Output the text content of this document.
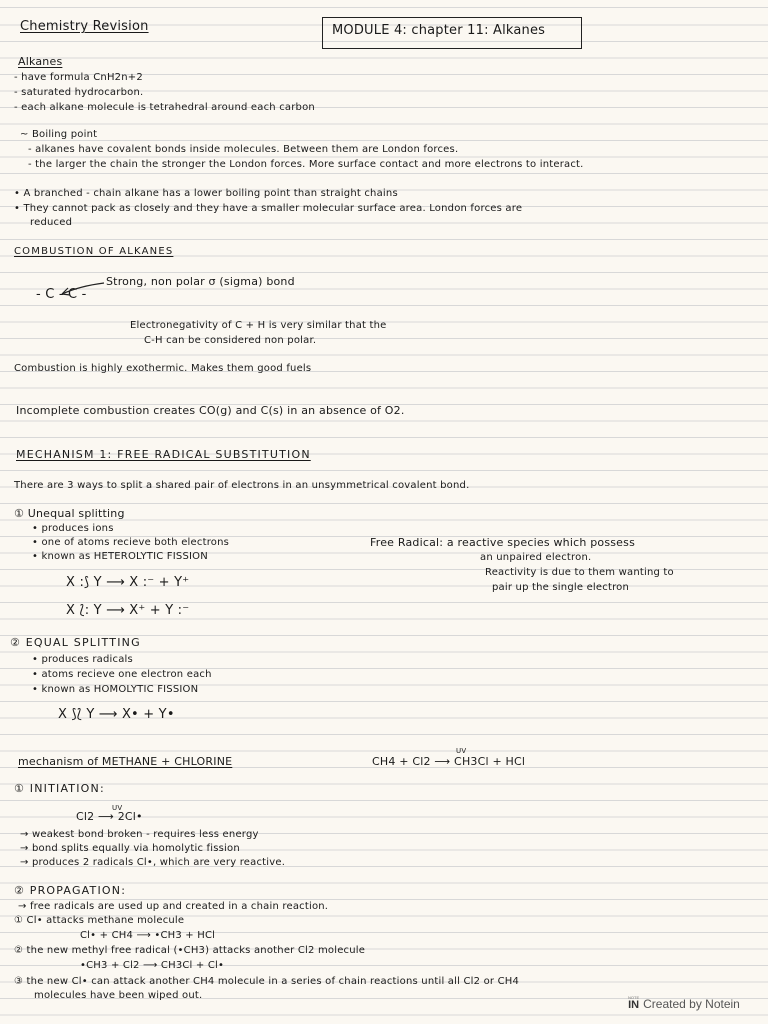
Chemistry Revision	MODULE 4: chapter 11: Alkanes
Alkanes
- have formula CnH2n+2
- saturated hydrocarbon.
- each alkane molecule is tetrahedral around each carbon
~ Boiling point
- alkanes have covalent bonds inside molecules. Between them are London forces.
- the larger the chain the stronger the London forces. More surface contact and more electrons to interact.
• A branched - chain alkane has a lower boiling point than straight chains
• They cannot pack as closely and they have a smaller molecular surface area. London forces are
reduced
COMBUSTION OF ALKANES
Strong, non polar σ (sigma) bond
- C - C -
Electronegativity of C + H is very similar that the
C-H can be considered non polar.
Combustion is highly exothermic. Makes them good fuels
Incomplete combustion creates CO(g) and C(s) in an absence of O2.
MECHANISM 1: FREE RADICAL SUBSTITUTION
There are 3 ways to split a shared pair of electrons in an unsymmetrical covalent bond.
① Unequal splitting
• produces ions
• one of atoms recieve both electrons
• known as HETEROLYTIC FISSION
X :⟆ Y ⟶ X :⁻ + Y⁺
X ⟅: Y ⟶ X⁺ + Y :⁻
Free Radical: a reactive species which possess
an unpaired electron.
Reactivity is due to them wanting to
pair up the single electron
② EQUAL SPLITTING
• produces radicals
• atoms recieve one electron each
• known as HOMOLYTIC FISSION
X ⟆⟅ Y ⟶ X• + Y•
mechanism of METHANE + CHLORINE
UV
CH4 + Cl2 ⟶ CH3Cl + HCl
① INITIATION:
UV
Cl2 ⟶ 2Cl•
→ weakest bond broken - requires less energy
→ bond splits equally via homolytic fission
→ produces 2 radicals Cl•, which are very reactive.
② PROPAGATION:
→ free radicals are used up and created in a chain reaction.
① Cl• attacks methane molecule
Cl• + CH4 ⟶ •CH3 + HCl
② the new methyl free radical (•CH3) attacks another Cl2 molecule
•CH3 + Cl2 ⟶ CH3Cl + Cl•
③ the new Cl• can attack another CH4 molecule in a series of chain reactions until all Cl2 or CH4
molecules have been wiped out.	NOTE
IN Created by Notein
